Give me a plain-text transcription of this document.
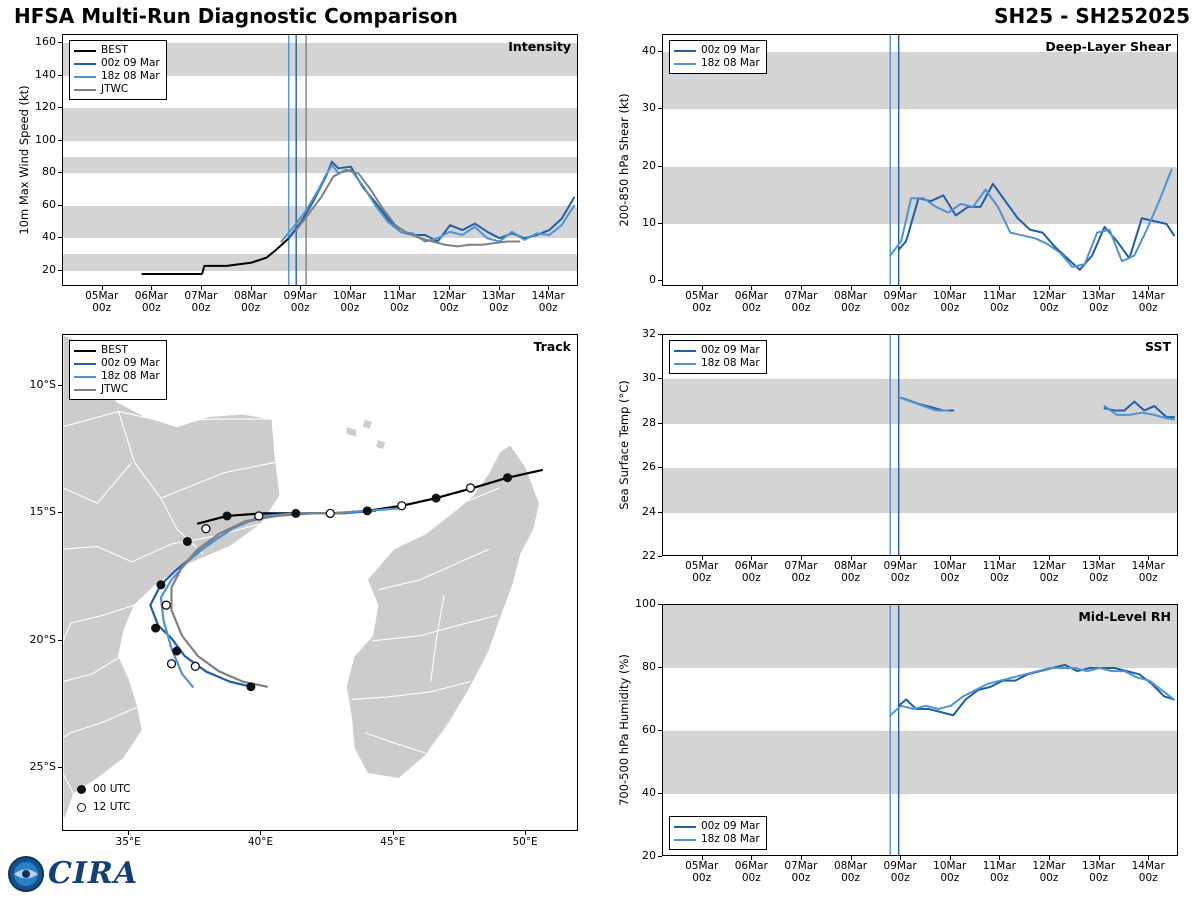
HFSA Multi-Run Diagnostic Comparison	SH25 - SH252025
Intensity
BEST
00z 09 Mar
18z 08 Mar
JTWC
10m Max Wind Speed (kt)
20
40
60
80
100
120
140
160
05Mar
00z
06Mar
00z
07Mar
00z
08Mar
00z
09Mar
00z
10Mar
00z
11Mar
00z
12Mar
00z
13Mar
00z
14Mar
00z
Deep-Layer Shear
00z 09 Mar
18z 08 Mar
200-850 hPa Shear (kt)
0
10
20
30
40
05Mar
00z
06Mar
00z
07Mar
00z
08Mar
00z
09Mar
00z
10Mar
00z
11Mar
00z
12Mar
00z
13Mar
00z
14Mar
00z
SST
00z 09 Mar
18z 08 Mar
Sea Surface Temp (°C)
22
24
26
28
30
32
05Mar
00z
06Mar
00z
07Mar
00z
08Mar
00z
09Mar
00z
10Mar
00z
11Mar
00z
12Mar
00z
13Mar
00z
14Mar
00z
Mid-Level RH
00z 09 Mar
18z 08 Mar
700-500 hPa Humidity (%)
20
40
60
80
100
05Mar
00z
06Mar
00z
07Mar
00z
08Mar
00z
09Mar
00z
10Mar
00z
11Mar
00z
12Mar
00z
13Mar
00z
14Mar
00z
Track
BEST
00z 09 Mar
18z 08 Mar
JTWC
00 UTC
12 UTC
10°S
15°S
20°S
25°S
35°E	40°E	45°E	50°E
CIRA
